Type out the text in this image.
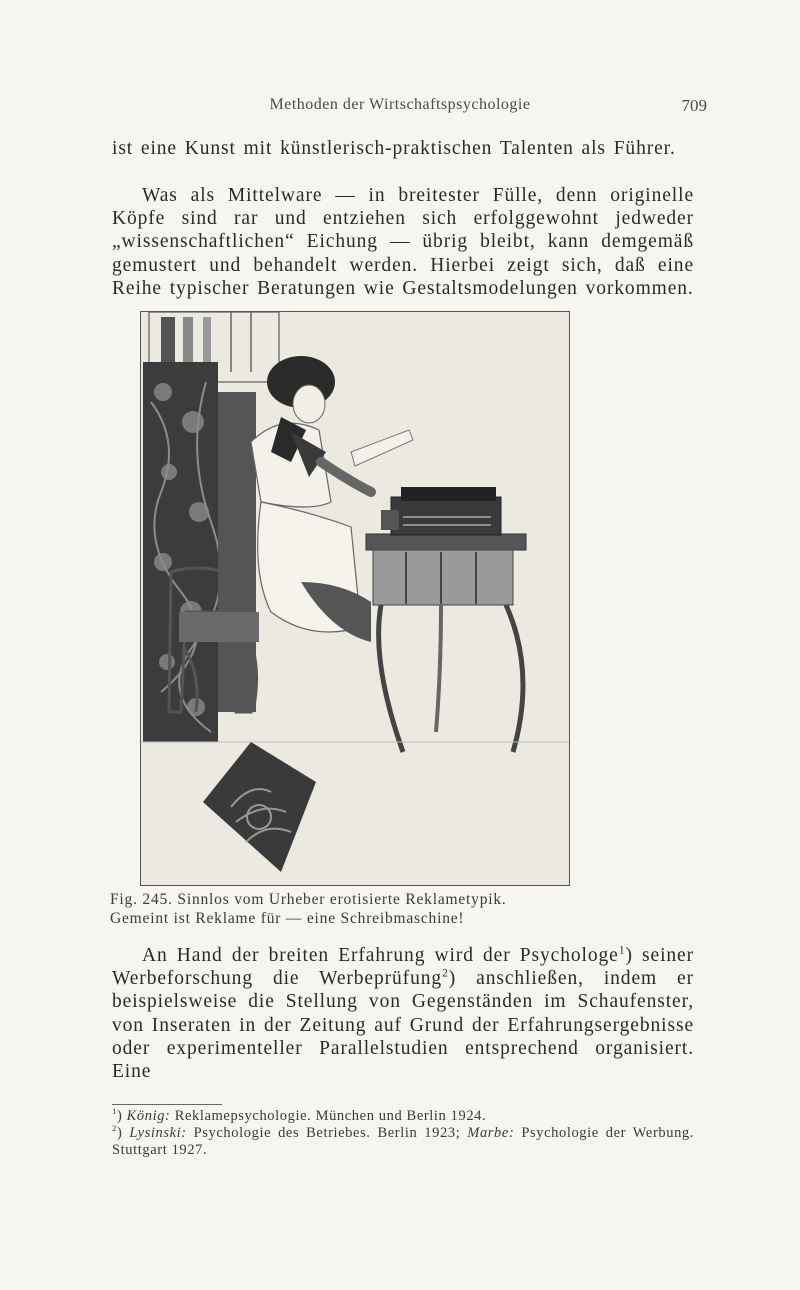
Methoden der Wirtschaftspsychologie	709

ist eine Kunst mit künstlerisch-praktischen Talenten als Führer.

Was als Mittelware — in breitester Fülle, denn originelle Köpfe sind rar und entziehen sich erfolggewohnt jedweder „wissenschaftlichen“ Eichung — übrig bleibt, kann demgemäß gemustert und behandelt werden. Hierbei zeigt sich, daß eine Reihe typischer Beratungen wie Gestaltsmodelungen vorkommen.

Fig. 245. Sinnlos vom Urheber erotisierte Reklametypik.

Gemeint ist Reklame für — eine Schreibmaschine!

An Hand der breiten Erfahrung wird der Psychologe$^1$) seiner Werbeforschung die Werbeprüfung$^2$) anschließen, indem er beispielsweise die Stellung von Gegenständen im Schaufenster, von Inseraten in der Zeitung auf Grund der Erfahrungsergebnisse oder experimenteller Parallelstudien entsprechend organisiert. Eine

$^1$) König: Reklamepsychologie. München und Berlin 1924.

$^2$) Lysinski: Psychologie des Betriebes. Berlin 1923; Marbe: Psychologie der Werbung. Stuttgart 1927.
